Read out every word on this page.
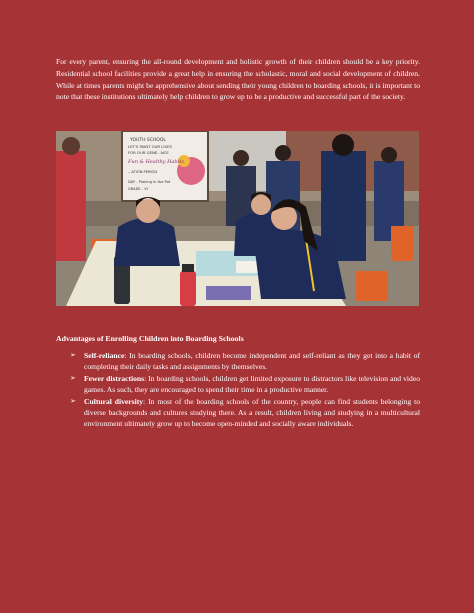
For every parent, ensuring the all-round development and holistic growth of their children should be a key priority. Residential school facilities provide a great help in ensuring the scholastic, moral and social development of children. While at times parents might be apprehensive about sending their young children to boarding schools, it is important to note that these institutions ultimately help children to grow up to be a productive and successful part of the society.

YOUTH SCHOOL
LET'S PAINT OUR LIVES
FOR OUR GENE...NCE
Fun & Healthy Habits
...ATION PERIOD
DAY - Planing In the Pot
GRADE - VI
Advantages of Enrolling Children into Boarding Schools
➢ Self-reliance: In boarding schools, children become independent and self-reliant as they get into a habit of completing their daily tasks and assignments by themselves.
➢ Fewer distractions: In boarding schools, children get limited exposure to distractors like television and video games. As such, they are encouraged to spend their time in a productive manner.
➢ Cultural diversity: In most of the boarding schools of the country, people can find students belonging to diverse backgrounds and cultures studying there. As a result, children living and studying in a multicultural environment ultimately grow up to become open-minded and socially aware individuals.
